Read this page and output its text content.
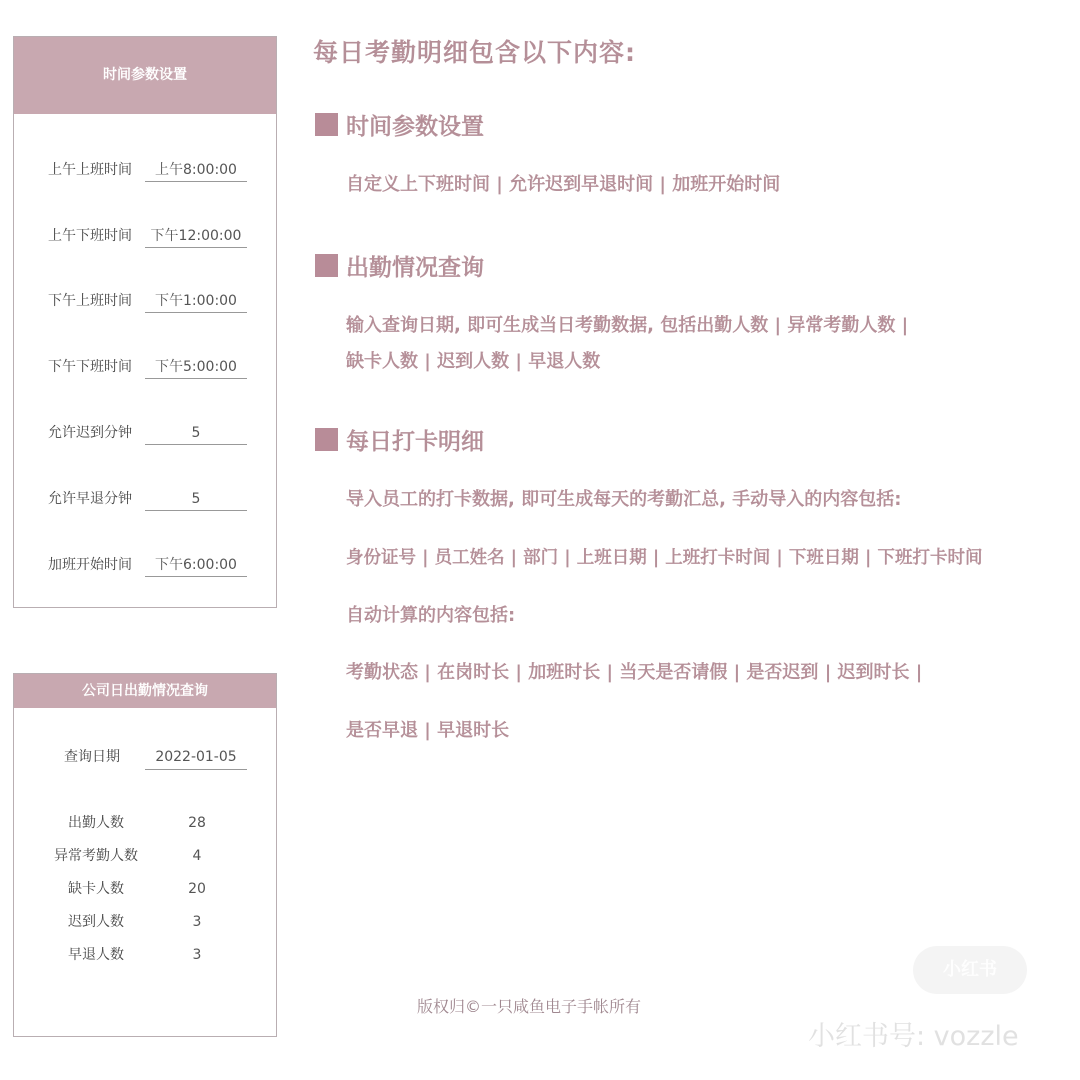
时间参数设置
上午上班时间	上午8:00:00
上午下班时间	下午12:00:00
下午上班时间	下午1:00:00
下午下班时间	下午5:00:00
允许迟到分钟	5
允许早退分钟	5
加班开始时间	下午6:00:00
公司日出勤情况查询
查询日期	2022-01-05
出勤人数	28
异常考勤人数	4
缺卡人数	20
迟到人数	3
早退人数	3
每日考勤明细包含以下内容:
时间参数设置
自定义上下班时间 | 允许迟到早退时间 | 加班开始时间
出勤情况查询
输入查询日期, 即可生成当日考勤数据, 包括出勤人数 | 异常考勤人数 |
缺卡人数 | 迟到人数 | 早退人数
每日打卡明细
导入员工的打卡数据, 即可生成每天的考勤汇总, 手动导入的内容包括:
身份证号 | 员工姓名 | 部门 | 上班日期 | 上班打卡时间 | 下班日期 | 下班打卡时间
自动计算的内容包括:
考勤状态 | 在岗时长 | 加班时长 | 当天是否请假 | 是否迟到 | 迟到时长 |
是否早退 | 早退时长
版权归©一只咸鱼电子手帐所有
小红书
小红书号: vozzle
